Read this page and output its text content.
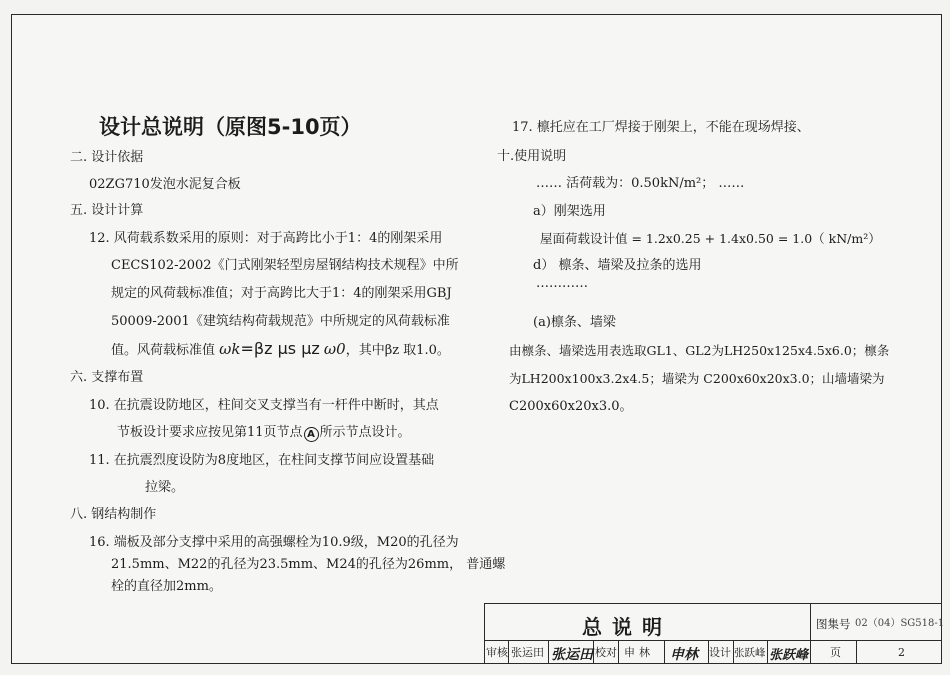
设计总说明（原图5-10页）
二. 设计依据
02ZG710发泡水泥复合板
五. 设计计算
12. 风荷载系数采用的原则：对于高跨比小于1：4的刚架采用
CECS102-2002《门式刚架轻型房屋钢结构技术规程》中所
规定的风荷载标准值；对于高跨比大于1：4的刚架采用GBJ
50009-2001《建筑结构荷载规范》中所规定的风荷载标准
值。风荷载标准值 ωk=βz μs μz ω0，其中βz 取1.0。
六. 支撑布置
10. 在抗震设防地区，柱间交叉支撑当有一杆件中断时，其点
节板设计要求应按见第11页节点 A 所示节点设计。
11. 在抗震烈度设防为8度地区，在柱间支撑节间应设置基础
拉梁。
八. 钢结构制作
16. 端板及部分支撑中采用的高强螺栓为10.9级，M20的孔径为
21.5mm、M22的孔径为23.5mm、M24的孔径为26mm， 普通螺
栓的直径加2mm。
17. 檩托应在工厂焊接于刚架上，不能在现场焊接、
十.使用说明
…… 活荷载为：0.50kN/m²； ……
a）刚架选用
屋面荷载设计值 = 1.2x0.25 + 1.4x0.50 = 1.0（ kN/m²）
d） 檩条、墙梁及拉条的选用
…………
(a)檩条、墙梁
由檩条、墙梁选用表选取GL1、GL2为LH250x125x4.5x6.0；檩条
为LH200x100x3.2x4.5；墙梁为 C200x60x20x3.0；山墙墙梁为
C200x60x20x3.0。
总说明	图集号 02（04）SG518-1
审核 张运田 张运田 校对 申林 申林 设计 张跃峰 张跃峰 页	2
